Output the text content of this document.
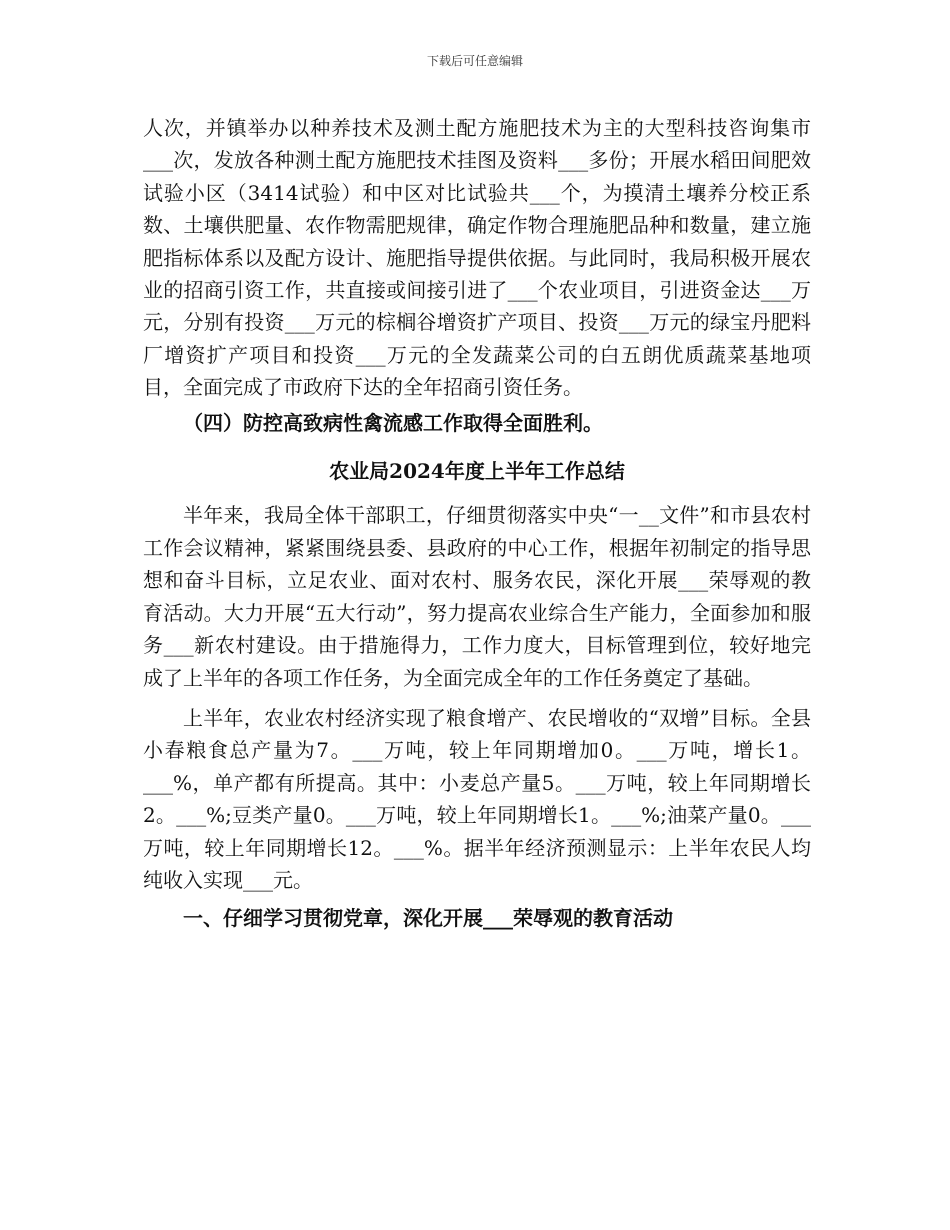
下载后可任意编辑

人次，并镇举办以种养技术及测土配方施肥技术为主的大型科技咨询集市___次，发放各种测土配方施肥技术挂图及资料___多份；开展水稻田间肥效试验小区（3414试验）和中区对比试验共___个，为摸清土壤养分校正系数、土壤供肥量、农作物需肥规律，确定作物合理施肥品种和数量，建立施肥指标体系以及配方设计、施肥指导提供依据。与此同时，我局积极开展农业的招商引资工作，共直接或间接引进了___个农业项目，引进资金达___万元，分别有投资___万元的棕榈谷增资扩产项目、投资___万元的绿宝丹肥料厂增资扩产项目和投资___万元的全发蔬菜公司的白五朗优质蔬菜基地项目，全面完成了市政府下达的全年招商引资任务。

（四）防控高致病性禽流感工作取得全面胜利。

农业局2024年度上半年工作总结

半年来，我局全体干部职工，仔细贯彻落实中央“一__文件”和市县农村工作会议精神，紧紧围绕县委、县政府的中心工作，根据年初制定的指导思想和奋斗目标，立足农业、面对农村、服务农民，深化开展___荣辱观的教育活动。大力开展“五大行动”，努力提高农业综合生产能力，全面参加和服务___新农村建设。由于措施得力，工作力度大，目标管理到位，较好地完成了上半年的各项工作任务，为全面完成全年的工作任务奠定了基础。

上半年，农业农村经济实现了粮食增产、农民增收的“双增”目标。全县小春粮食总产量为7。___万吨，较上年同期增加0。___万吨，增长1。___%，单产都有所提高。其中：小麦总产量5。___万吨，较上年同期增长2。___%;豆类产量0。___万吨，较上年同期增长1。___%;油菜产量0。___万吨，较上年同期增长12。___%。据半年经济预测显示：上半年农民人均纯收入实现___元。

一、仔细学习贯彻党章，深化开展___荣辱观的教育活动
